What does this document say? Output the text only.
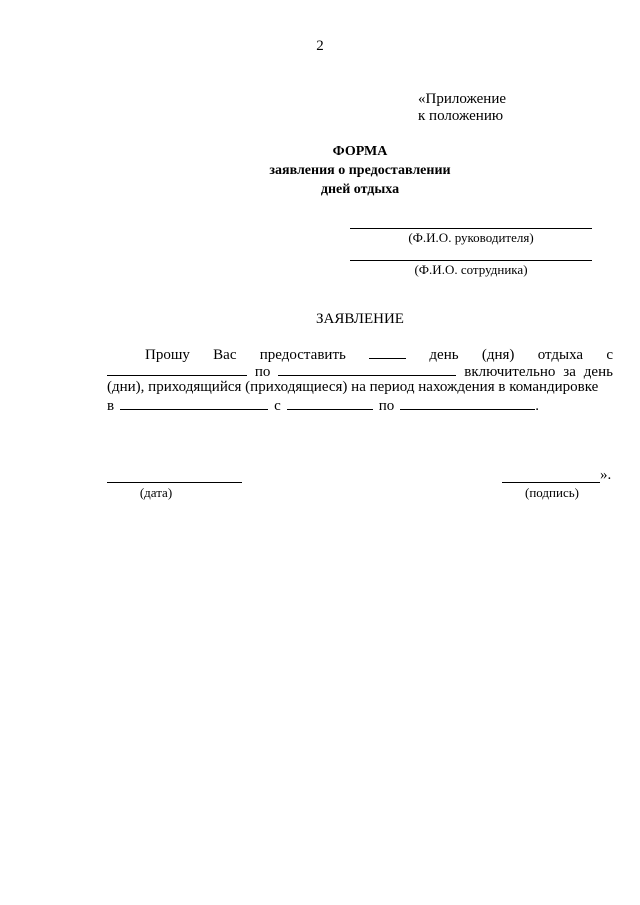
2
«Приложение
к положению
ФОРМА
заявления о предоставлении
дней отдыха
(Ф.И.О. руководителя)
(Ф.И.О. сотрудника)
ЗАЯВЛЕНИЕ
Прошу Вас предоставить	день (дня) отдыха с
по	включительно за день
(дни), приходящийся (приходящиеся) на период нахождения в командировке
в	с	по	.
(дата)
».
(подпись)
